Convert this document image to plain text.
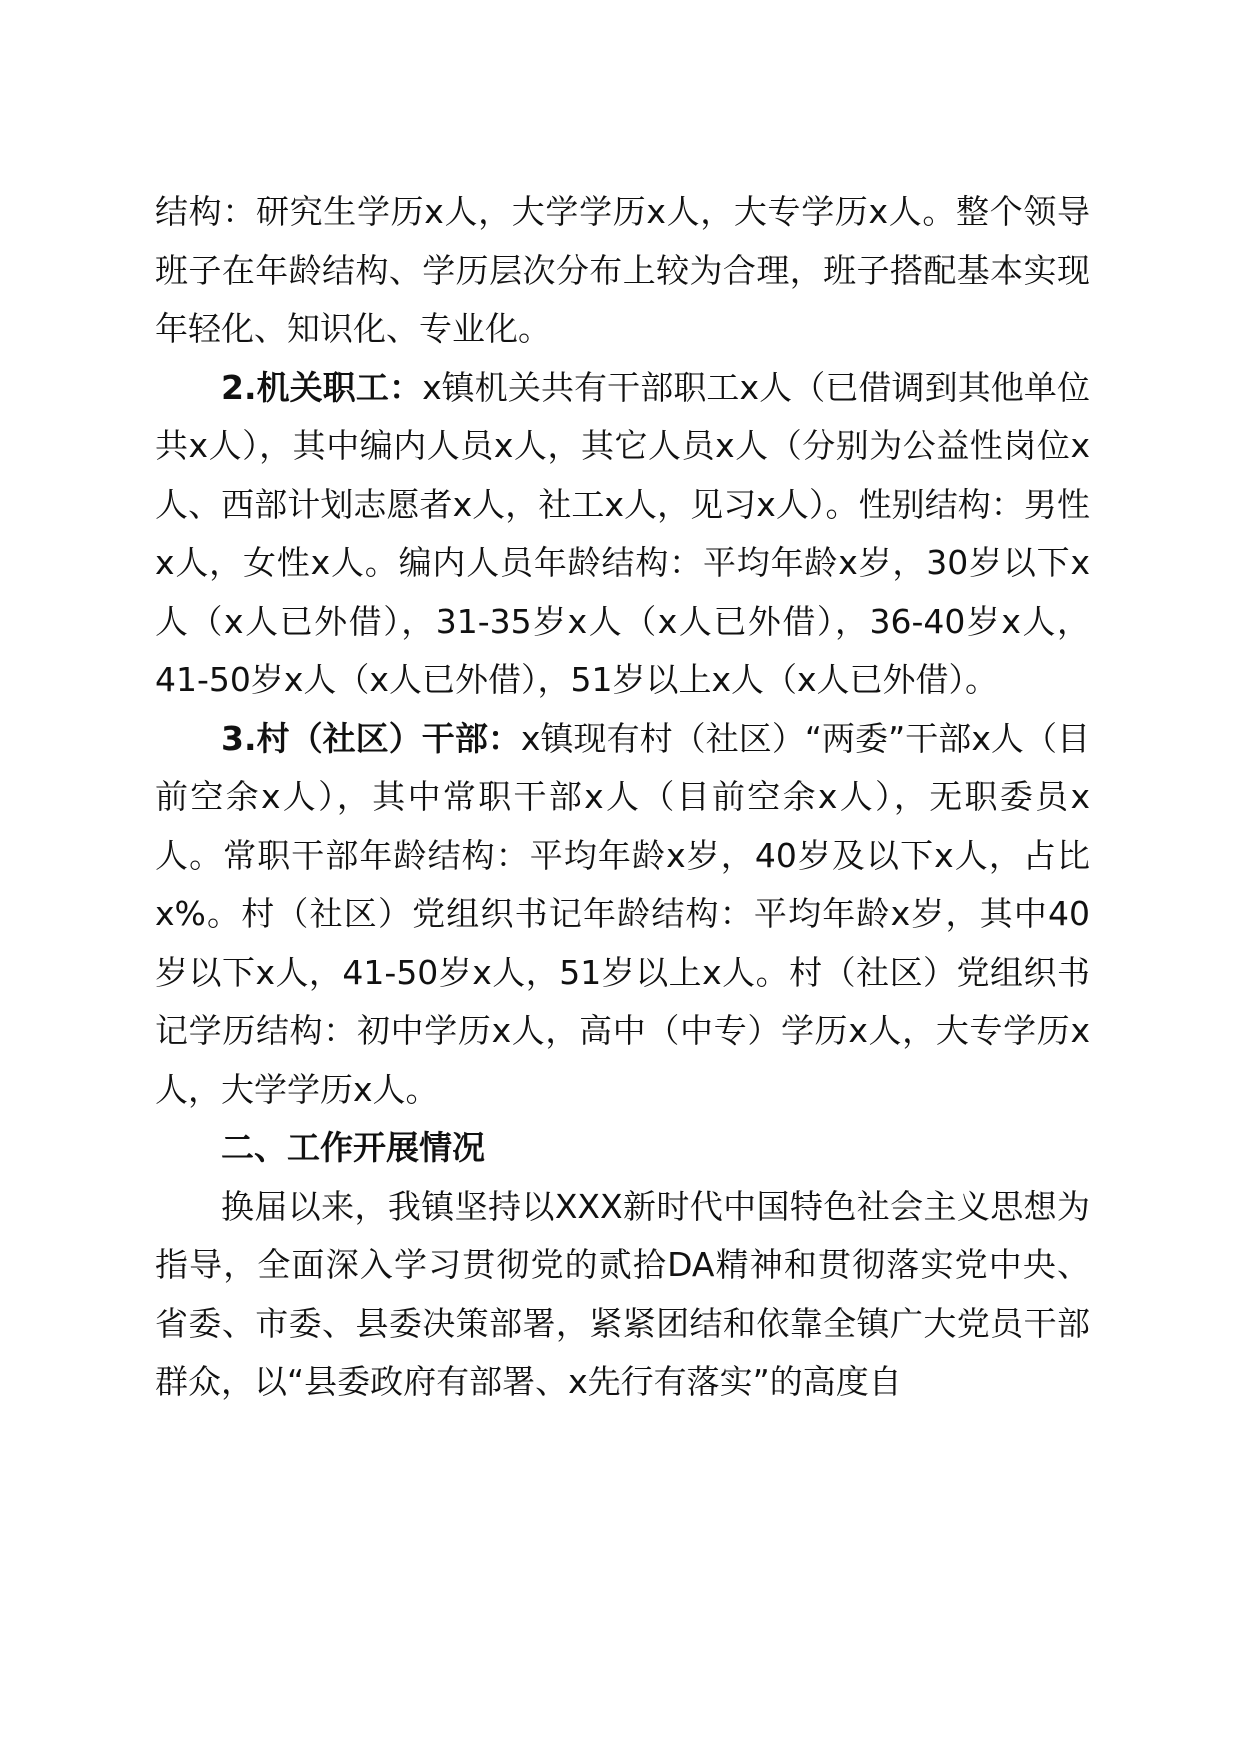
结构：研究生学历x人，大学学历x人，大专学历x人。整个领导班子在年龄结构、学历层次分布上较为合理，班子搭配基本实现年轻化、知识化、专业化。

2.机关职工：x镇机关共有干部职工x人（已借调到其他单位共x人），其中编内人员x人，其它人员x人（分别为公益性岗位x人、西部计划志愿者x人，社工x人，见习x人）。性别结构：男性x人，女性x人。编内人员年龄结构：平均年龄x岁，30岁以下x人（x人已外借），31-35岁x人（x人已外借），36-40岁x人，41-50岁x人（x人已外借），51岁以上x人（x人已外借）。

3.村（社区）干部：x镇现有村（社区）“两委”干部x人（目前空余x人），其中常职干部x人（目前空余x人），无职委员x人。常职干部年龄结构：平均年龄x岁，40岁及以下x人，占比x%。村（社区）党组织书记年龄结构：平均年龄x岁，其中40岁以下x人，41-50岁x人，51岁以上x人。村（社区）党组织书记学历结构：初中学历x人，高中（中专）学历x人，大专学历x人，大学学历x人。

二、工作开展情况

换届以来，我镇坚持以XXX新时代中国特色社会主义思想为指导，全面深入学习贯彻党的贰拾DA精神和贯彻落实党中央、省委、市委、县委决策部署，紧紧团结和依靠全镇广大党员干部群众，以“县委政府有部署、x先行有落实”的高度自
